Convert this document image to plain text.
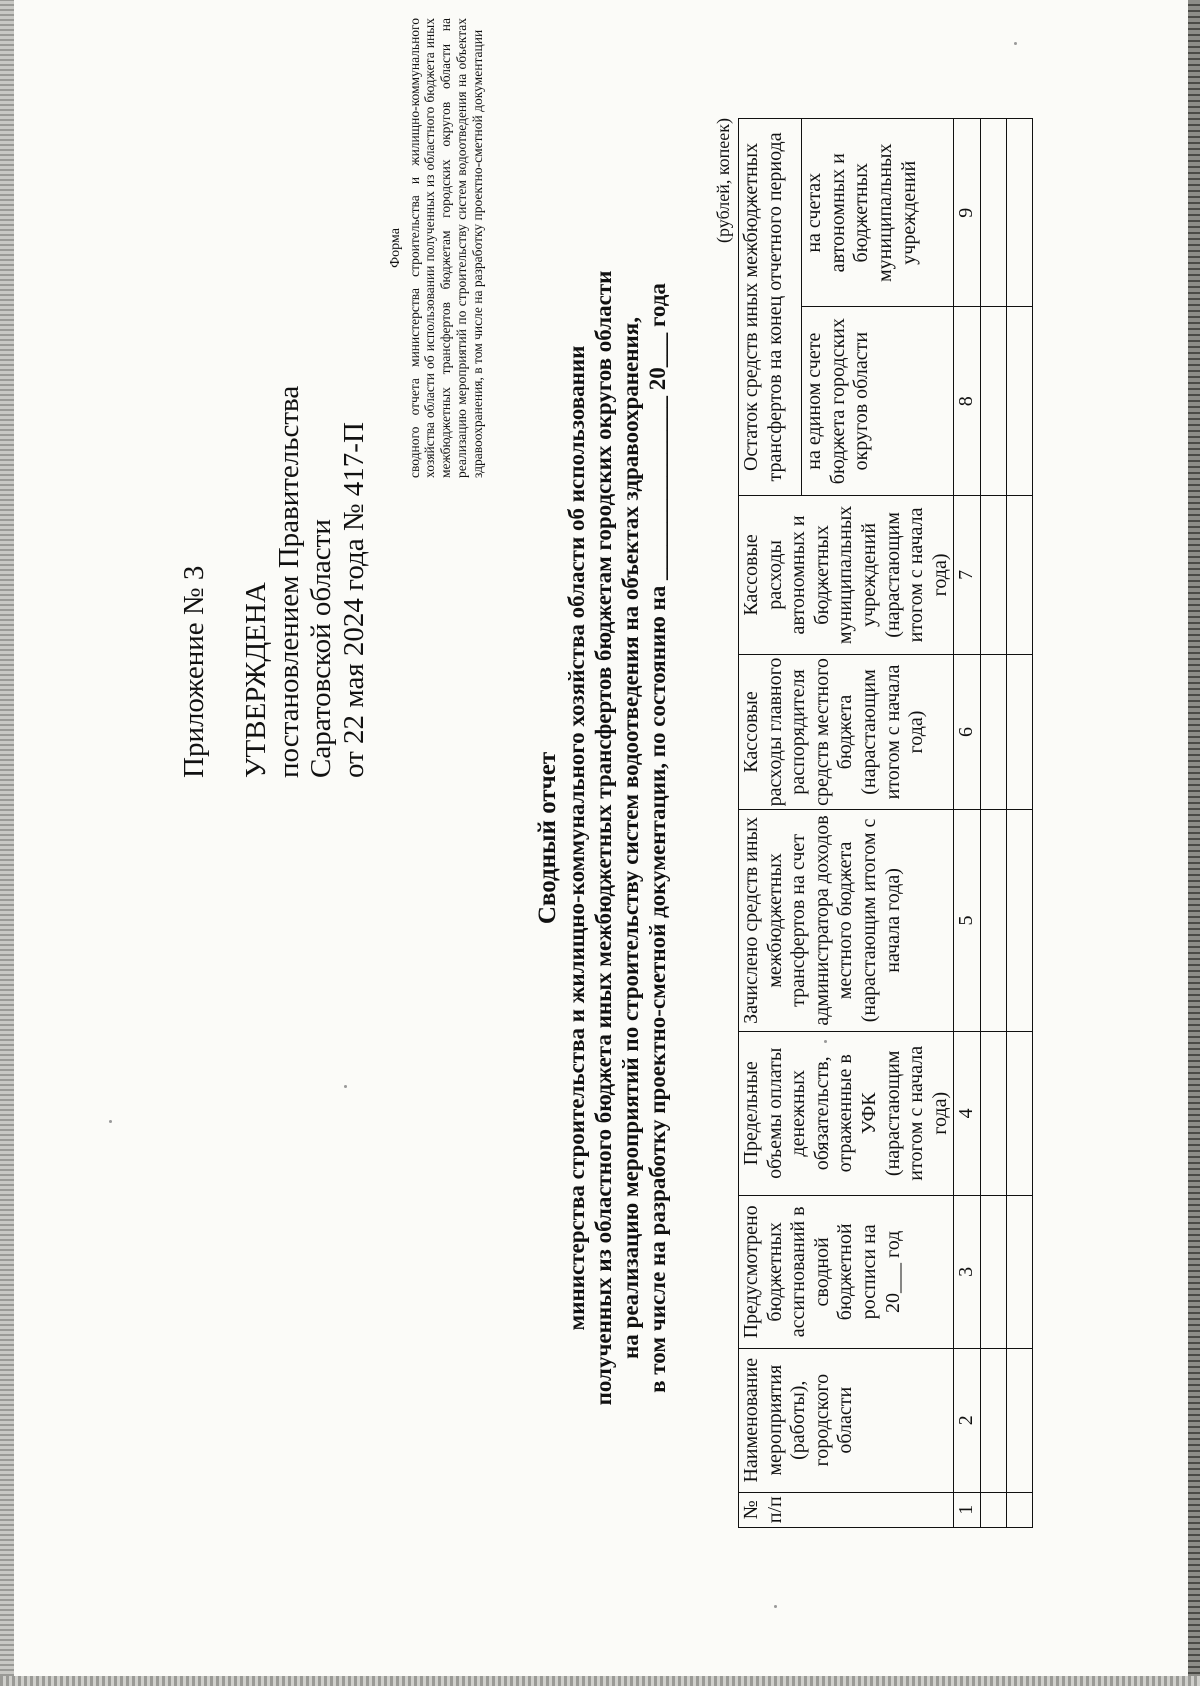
Приложение № 3 УТВЕРЖДЕНА постановлением Правительства Саратовской области от 22 мая 2024 года № 417-П
Форма сводного отчета министерства строительства и жилищно-коммунального хозяйства области об использовании полученных из областного бюджета иных межбюджетных трансфертов бюджетам городских округов области на реализацию мероприятий по строительству систем водоотведения на объектах здравоохранения, в том числе на разработку проектно-сметной документации
Сводный отчет министерства строительства и жилищно-коммунального хозяйства области об использовании полученных из областного бюджета иных межбюджетных трансфертов бюджетам городских округов области на реализацию мероприятий по строительству систем водоотведения на объектах здравоохранения, в том числе на разработку проектно-сметной документации, по состоянию на ________________ 20___ года
(рублей, копеек)
№ п/п	Наименование мероприятия (работы), городского области	Предусмотрено бюджетных ассигнований в сводной бюджетной росписи на 20___ год	Предельные объемы оплаты денежных обязательств, отраженные в УФК (нарастающим итогом с начала года)	Зачислено средств иных межбюджетных трансфертов на счет администратора доходов местного бюджета (нарастающим итогом с начала года)	Кассовые расходы главного распорядителя средств местного бюджета (нарастающим итогом с начала года)	Кассовые расходы автономных и бюджетных муниципальных учреждений (нарастающим итогом с начала года)	Остаток средств иных межбюджетных трансфертов на конец отчетного периода	
							на едином счете бюджета городских округов области	на счетах автономных и бюджетных муниципальных учреждений
1	2	3	4	5	6	7	8	9
